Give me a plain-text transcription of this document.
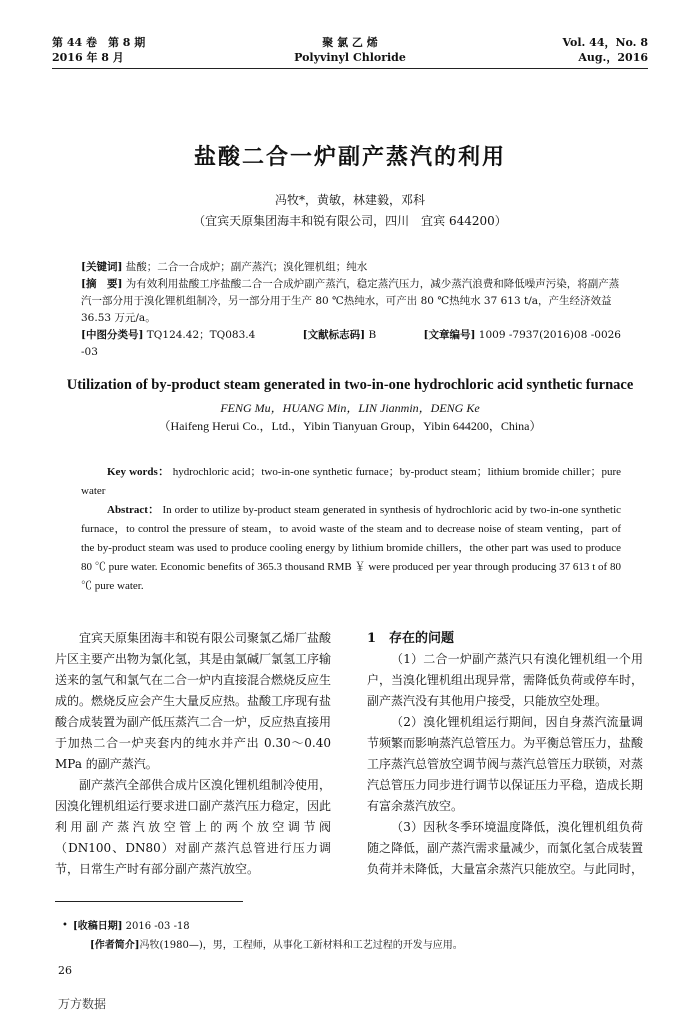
第 44 卷　第 8 期
2016 年 8 月
聚 氯 乙 烯
Polyvinyl Chloride
Vol. 44，No. 8
Aug.，2016
盐酸二合一炉副产蒸汽的利用
冯牧*，黄敏，林建毅，邓科
（宜宾天原集团海丰和锐有限公司，四川　宜宾 644200）
[关键词] 盐酸；二合一合成炉；副产蒸汽；溴化锂机组；纯水
[摘　要] 为有效利用盐酸工序盐酸二合一合成炉副产蒸汽，稳定蒸汽压力，减少蒸汽浪费和降低噪声污染，将副产蒸汽一部分用于溴化锂机组制冷，另一部分用于生产 80 ℃热纯水，可产出 80 ℃热纯水 37 613 t/a，产生经济效益 36.53 万元/a。
[中图分类号] TQ124.42；TQ083.4	[文献标志码] B	[文章编号] 1009 -7937(2016)08 -0026 -03
Utilization of by-product steam generated in two-in-one hydrochloric acid synthetic furnace
FENG Mu，HUANG Min，LIN Jianmin，DENG Ke
（Haifeng Herui Co.，Ltd.，Yibin Tianyuan Group，Yibin 644200，China）
Key words： hydrochloric acid；two-in-one synthetic furnace；by-product steam；lithium bromide chiller；pure water
Abstract： In order to utilize by-product steam generated in synthesis of hydrochloric acid by two-in-one synthetic furnace，to control the pressure of steam，to avoid waste of the steam and to decrease noise of steam venting，part of the by-product steam was used to produce cooling energy by lithium bromide chillers，the other part was used to produce 80 ℃ pure water. Economic benefits of 365.3 thousand RMB ￥ were produced per year through producing 37 613 t of 80 ℃ pure water.

宜宾天原集团海丰和锐有限公司聚氯乙烯厂盐酸片区主要产出物为氯化氢，其是由氯碱厂氯氢工序输送来的氢气和氯气在二合一炉内直接混合燃烧反应生成的。燃烧反应会产生大量反应热。盐酸工序现有盐酸合成装置为副产低压蒸汽二合一炉，反应热直接用于加热二合一炉夹套内的纯水并产出 0.30～0.40 MPa 的副产蒸汽。

副产蒸汽全部供合成片区溴化锂机组制冷使用，因溴化锂机组运行要求进口副产蒸汽压力稳定，因此利用副产蒸汽放空管上的两个放空调节阀（DN100、DN80）对副产蒸汽总管进行压力调节，日常生产时有部分副产蒸汽放空。

1　存在的问题

（1）二合一炉副产蒸汽只有溴化锂机组一个用户，当溴化锂机组出现异常，需降低负荷或停车时，副产蒸汽没有其他用户接受，只能放空处理。

（2）溴化锂机组运行期间，因自身蒸汽流量调节频繁而影响蒸汽总管压力。为平衡总管压力，盐酸工序蒸汽总管放空调节阀与蒸汽总管压力联锁，对蒸汽总管压力同步进行调节以保证压力平稳，造成长期有富余蒸汽放空。

（3）因秋冬季环境温度降低，溴化锂机组负荷随之降低，副产蒸汽需求量减少，而氯化氢合成装置负荷并未降低，大量富余蒸汽只能放空。与此同时，

• [收稿日期] 2016 -03 -18
[作者简介]冯牧(1980—)，男，工程师，从事化工新材料和工艺过程的开发与应用。
26
万方数据
